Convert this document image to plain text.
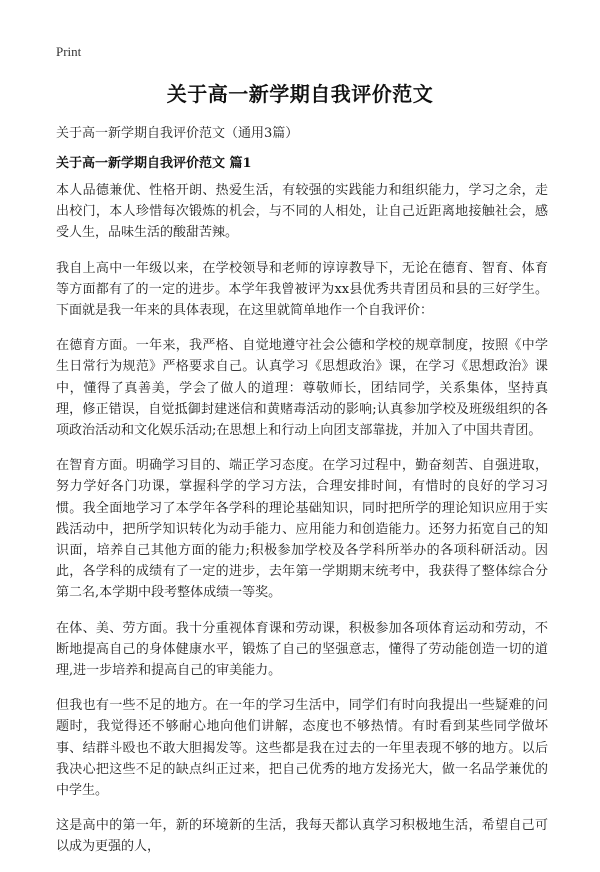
Print
关于高一新学期自我评价范文
关于高一新学期自我评价范文（通用3篇）
关于高一新学期自我评价范文 篇1

本人品德兼优、性格开朗、热爱生活，有较强的实践能力和组织能力，学习之余，走出校门，本人珍惜每次锻炼的机会，与不同的人相处，让自己近距离地接触社会，感受人生，品味生活的酸甜苦辣。

我自上高中一年级以来，在学校领导和老师的谆谆教导下，无论在德育、智育、体育等方面都有了的一定的进步。本学年我曾被评为xx县优秀共青团员和县的三好学生。下面就是我一年来的具体表现，在这里就简单地作一个自我评价：

在德育方面。一年来，我严格、自觉地遵守社会公德和学校的规章制度，按照《中学生日常行为规范》严格要求自己。认真学习《思想政治》课，在学习《思想政治》课中，懂得了真善美，学会了做人的道理：尊敬师长，团结同学，关系集体，坚持真理，修正错误，自觉抵御封建迷信和黄赌毒活动的影响;认真参加学校及班级组织的各项政治活动和文化娱乐活动;在思想上和行动上向团支部靠拢，并加入了中国共青团。

在智育方面。明确学习目的、端正学习态度。在学习过程中，勤奋刻苦、自强进取，努力学好各门功课，掌握科学的学习方法，合理安排时间，有惜时的良好的学习习惯。我全面地学习了本学年各学科的理论基础知识，同时把所学的理论知识应用于实践活动中，把所学知识转化为动手能力、应用能力和创造能力。还努力拓宽自己的知识面，培养自己其他方面的能力;积极参加学校及各学科所举办的各项科研活动。因此，各学科的成绩有了一定的进步，去年第一学期期末统考中，我获得了整体综合分第二名,本学期中段考整体成绩一等奖。

在体、美、劳方面。我十分重视体育课和劳动课，积极参加各项体育运动和劳动，不断地提高自己的身体健康水平，锻炼了自己的坚强意志，懂得了劳动能创造一切的道理,进一步培养和提高自己的审美能力。

但我也有一些不足的地方。在一年的学习生活中，同学们有时向我提出一些疑难的问题时，我觉得还不够耐心地向他们讲解，态度也不够热情。有时看到某些同学做坏事、结群斗殴也不敢大胆揭发等。这些都是我在过去的一年里表现不够的地方。以后我决心把这些不足的缺点纠正过来，把自己优秀的地方发扬光大，做一名品学兼优的中学生。

这是高中的第一年，新的环境新的生活，我每天都认真学习积极地生活，希望自己可以成为更强的人，
